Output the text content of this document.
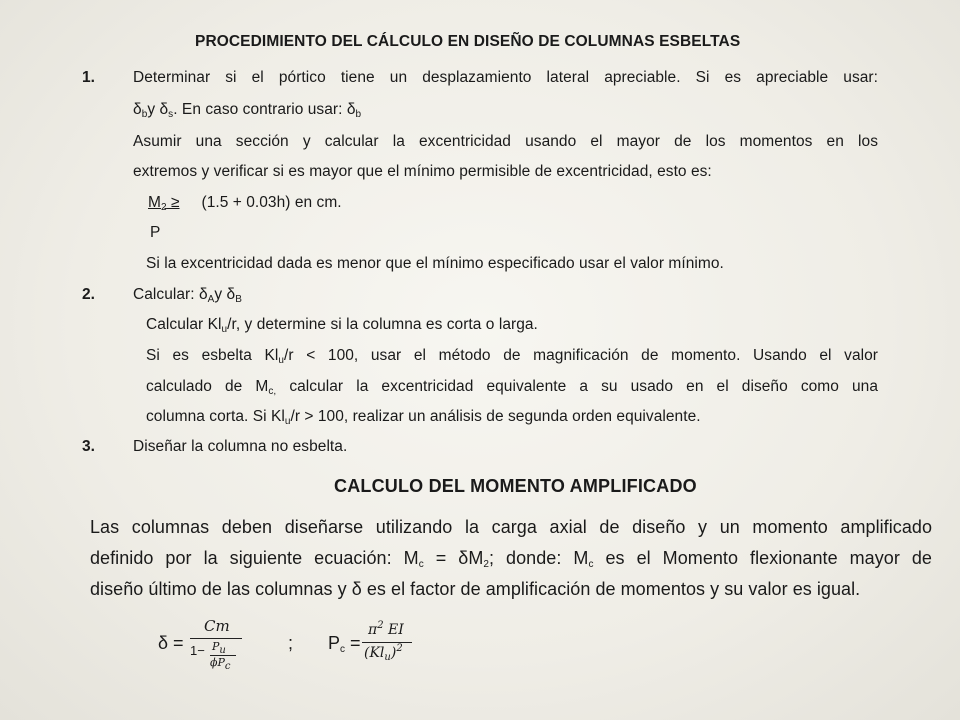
PROCEDIMIENTO DEL CÁLCULO EN DISEÑO DE COLUMNAS ESBELTAS
1. Determinar si el pórtico tiene un desplazamiento lateral apreciable. Si es apreciable usar:
$\delta_by$ $\delta_s$. En caso contrario usar: $\delta_b$
Asumir una sección y calcular la excentricidad usando el mayor de los momentos en los
extremos y verificar si es mayor que el mínimo permisible de excentricidad, esto es:
$M_2 \ge (1.5 + 0.03h)$ en cm.
P
Si la excentricidad dada es menor que el mínimo especificado usar el valor mínimo.
2. Calcular: $\delta_Ay$ $\delta_B$
Calcular $Kl_u/r$, y determine si la columna es corta o larga.
Si es esbelta $Kl_u/r < 100$, usar el método de magnificación de momento. Usando el valor
calculado de $M_{c,}$ calcular la excentricidad equivalente a su usado en el diseño como una
columna corta. Si $Kl_u/r > 100$, realizar un análisis de segunda orden equivalente.
3. Diseñar la columna no esbelta.
CALCULO DEL MOMENTO AMPLIFICADO
Las columnas deben diseñarse utilizando la carga axial de diseño y un momento amplificado
definido por la siguiente ecuación: $M_c = \delta M_2$; donde: $M_c$ es el Momento flexionante mayor de
diseño último de las columnas y δ es el factor de amplificación de momentos y su valor es igual.
δ =
Cm
$1- P_u$
$\phi P_c$
; $P_c$ =
$\pi^2$ EI
$(Kl_u)^2$
